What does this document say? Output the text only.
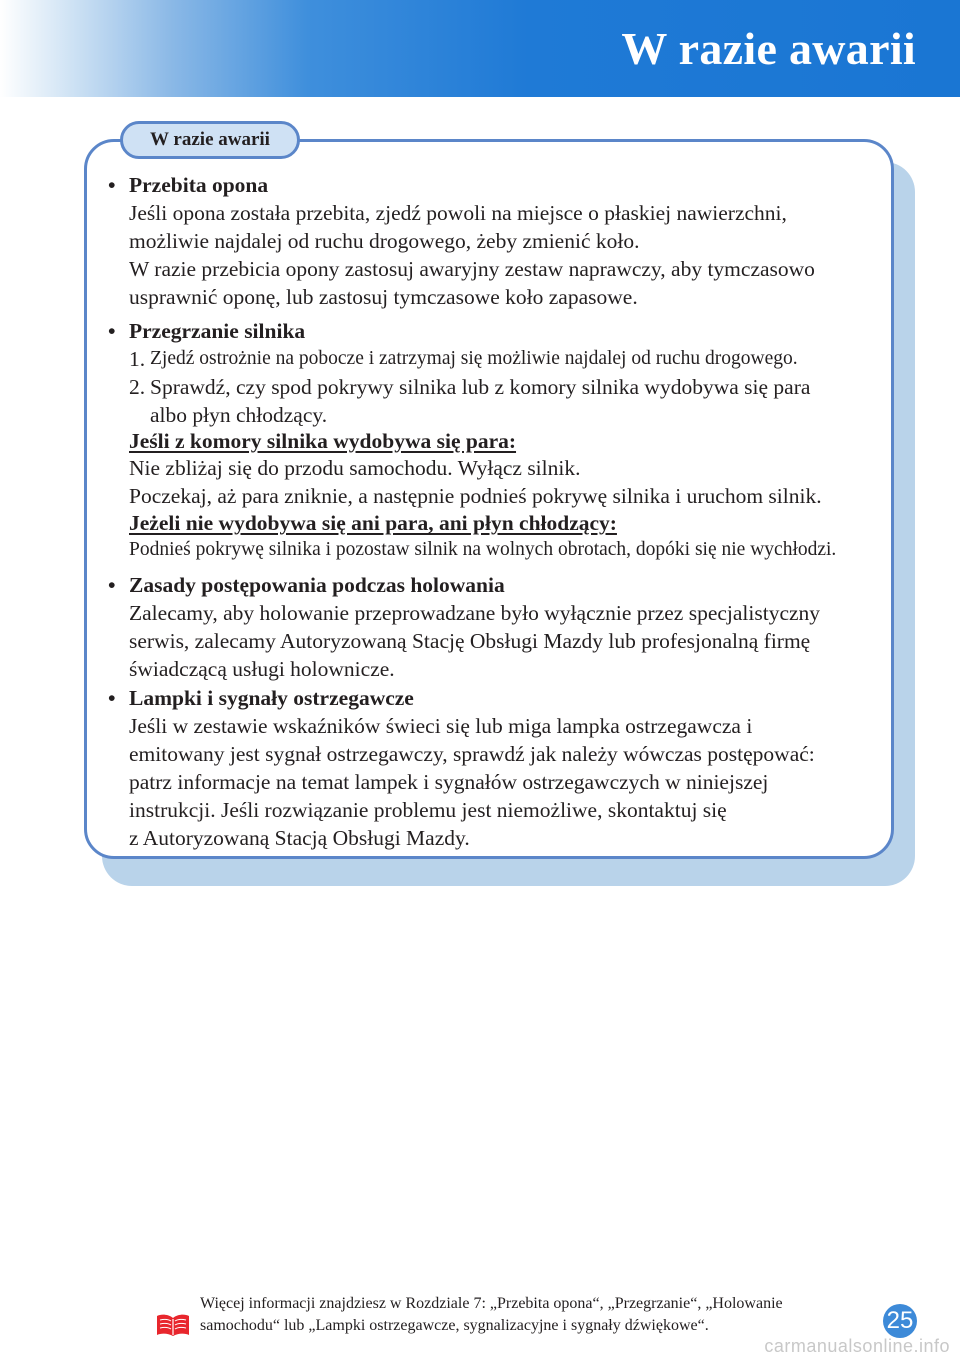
W razie awarii
W razie awarii
• Przebita opona
Jeśli opona została przebita, zjedź powoli na miejsce o płaskiej nawierzchni,
możliwie najdalej od ruchu drogowego, żeby zmienić koło.
W razie przebicia opony zastosuj awaryjny zestaw naprawczy, aby tymczasowo
usprawnić oponę, lub zastosuj tymczasowe koło zapasowe.
• Przegrzanie silnika
1. Zjedź ostrożnie na pobocze i zatrzymaj się możliwie najdalej od ruchu drogowego.
2. Sprawdź, czy spod pokrywy silnika lub z komory silnika wydobywa się para
albo płyn chłodzący.
Jeśli z komory silnika wydobywa się para:
Nie zbliżaj się do przodu samochodu. Wyłącz silnik.
Poczekaj, aż para zniknie, a następnie podnieś pokrywę silnika i uruchom silnik.
Jeżeli nie wydobywa się ani para, ani płyn chłodzący:
Podnieś pokrywę silnika i pozostaw silnik na wolnych obrotach, dopóki się nie wychłodzi.
• Zasady postępowania podczas holowania
Zalecamy, aby holowanie przeprowadzane było wyłącznie przez specjalistyczny
serwis, zalecamy Autoryzowaną Stację Obsługi Mazdy lub profesjonalną firmę
świadczącą usługi holownicze.
• Lampki i sygnały ostrzegawcze
Jeśli w zestawie wskaźników świeci się lub miga lampka ostrzegawcza i
emitowany jest sygnał ostrzegawczy, sprawdź jak należy wówczas postępować:
patrz informacje na temat lampek i sygnałów ostrzegawczych w niniejszej
instrukcji. Jeśli rozwiązanie problemu jest niemożliwe, skontaktuj się
z Autoryzowaną Stacją Obsługi Mazdy.
Więcej informacji znajdziesz w Rozdziale 7: „Przebita opona“, „Przegrzanie“, „Holowanie
samochodu“ lub „Lampki ostrzegawcze, sygnalizacyjne i sygnały dźwiękowe“.	25
carmanualsonline.info
